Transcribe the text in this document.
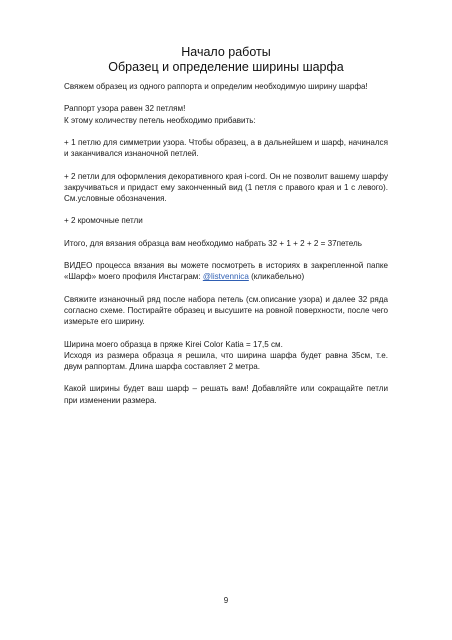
Начало работы
Образец и определение ширины шарфа

Свяжем образец из одного раппорта и определим необходимую ширину шарфа!

Раппорт узора равен 32 петлям!

К этому количеству петель необходимо прибавить:

+ 1 петлю для симметрии узора. Чтобы образец, а в дальнейшем и шарф, начинался и заканчивался изнаночной петлей.

+ 2 петли для оформления декоративного края i-cord. Он не позволит вашему шарфу закручиваться и придаст ему законченный вид (1 петля с правого края и 1 с левого). См.условные обозначения.

+ 2 кромочные петли

Итого, для вязания образца вам необходимо набрать 32 + 1 + 2 + 2 = 37петель

ВИДЕО процесса вязания вы можете посмотреть в историях в закрепленной папке «Шарф» моего профиля Инстаграм: @listvennica (кликабельно)

Свяжите изнаночный ряд после набора петель (см.описание узора) и далее 32 ряда согласно схеме. Постирайте образец и высушите на ровной поверхности, после чего измерьте его ширину.

Ширина моего образца в пряже Kirei Color Katia = 17,5 см.

Исходя из размера образца я решила, что ширина шарфа будет равна 35см, т.е. двум раппортам. Длина шарфа составляет 2 метра.

Какой ширины будет ваш шарф – решать вам! Добавляйте или сокращайте петли при изменении размера.

9
